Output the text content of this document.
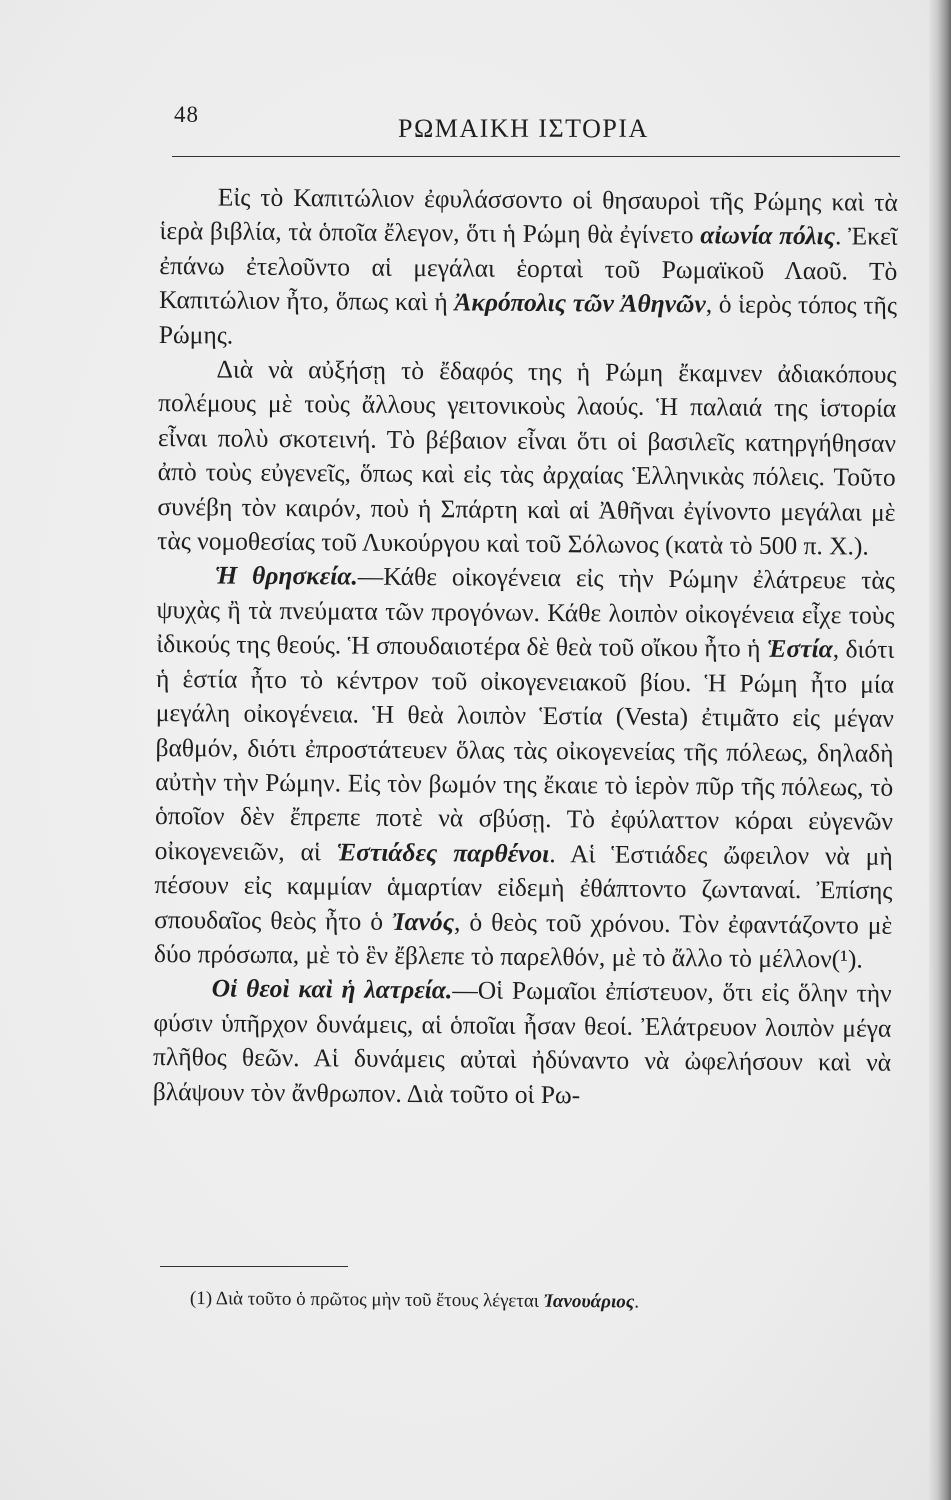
48	ΡΩΜΑΙΚΗ ΙΣΤΟΡΙΑ

Εἰς τὸ Καπιτώλιον ἐφυλάσσοντο οἱ θησαυροὶ τῆς Ρώμης καὶ τὰ ἱερὰ βιβλία, τὰ ὁποῖα ἔλεγον, ὅτι ἡ Ρώμη θὰ ἐγίνετο αἰωνία πόλις. Ἐκεῖ ἐπάνω ἐτελοῦντο αἱ μεγάλαι ἑορταὶ τοῦ Ρωμαϊκοῦ Λαοῦ. Τὸ Καπιτώλιον ἦτο, ὅπως καὶ ἡ Ἀκρόπολις τῶν Ἀθηνῶν, ὁ ἱερὸς τόπος τῆς Ρώμης.

Διὰ νὰ αὐξήσῃ τὸ ἔδαφός της ἡ Ρώμη ἔκαμνεν ἀδιακόπους πολέμους μὲ τοὺς ἄλλους γειτονικοὺς λαούς. Ἡ παλαιά της ἱστορία εἶναι πολὺ σκοτεινή. Τὸ βέβαιον εἶναι ὅτι οἱ βασιλεῖς κατηργήθησαν ἀπὸ τοὺς εὐγενεῖς, ὅπως καὶ εἰς τὰς ἀρχαίας Ἑλληνικὰς πόλεις. Τοῦτο συνέβη τὸν καιρόν, ποὺ ἡ Σπάρτη καὶ αἱ Ἀθῆναι ἐγίνοντο μεγάλαι μὲ τὰς νομοθεσίας τοῦ Λυκούργου καὶ τοῦ Σόλωνος (κατὰ τὸ 500 π. Χ.).

Ἡ θρησκεία.—Κάθε οἰκογένεια εἰς τὴν Ρώμην ἐλάτρευε τὰς ψυχὰς ἢ τὰ πνεύματα τῶν προγόνων. Κάθε λοιπὸν οἰκογένεια εἶχε τοὺς ἰδικούς της θεούς. Ἡ σπουδαιοτέρα δὲ θεὰ τοῦ οἴκου ἦτο ἡ Ἑστία, διότι ἡ ἑστία ἦτο τὸ κέντρον τοῦ οἰκογενειακοῦ βίου. Ἡ Ρώμη ἦτο μία μεγάλη οἰκογένεια. Ἡ θεὰ λοιπὸν Ἑστία (Vesta) ἐτιμᾶτο εἰς μέγαν βαθμόν, διότι ἐπροστάτευεν ὅλας τὰς οἰκογενείας τῆς πόλεως, δηλαδὴ αὐτὴν τὴν Ρώμην. Εἰς τὸν βωμόν της ἔκαιε τὸ ἱερὸν πῦρ τῆς πόλεως, τὸ ὁποῖον δὲν ἔπρεπε ποτὲ νὰ σβύσῃ. Τὸ ἐφύλαττον κόραι εὐγενῶν οἰκογενειῶν, αἱ Ἑστιάδες παρθένοι. Αἱ Ἑστιάδες ὤφειλον νὰ μὴ πέσουν εἰς καμμίαν ἁμαρτίαν εἰδεμὴ ἐθάπτοντο ζωνταναί. Ἐπίσης σπουδαῖος θεὸς ἦτο ὁ Ἰανός, ὁ θεὸς τοῦ χρόνου. Τὸν ἐφαντάζοντο μὲ δύο πρόσωπα, μὲ τὸ ἓν ἔβλεπε τὸ παρελθόν, μὲ τὸ ἄλλο τὸ μέλλον(¹).

Οἱ θεοὶ καὶ ἡ λατρεία.—Οἱ Ρωμαῖοι ἐπίστευον, ὅτι εἰς ὅλην τὴν φύσιν ὑπῆρχον δυνάμεις, αἱ ὁποῖαι ἦσαν θεοί. Ἐλάτρευον λοιπὸν μέγα πλῆθος θεῶν. Αἱ δυνάμεις αὐταὶ ἠδύναντο νὰ ὠφελήσουν καὶ νὰ βλάψουν τὸν ἄνθρωπον. Διὰ τοῦτο οἱ Ρω-

(1) Διὰ τοῦτο ὁ πρῶτος μὴν τοῦ ἔτους λέγεται Ἰανουάριος.
